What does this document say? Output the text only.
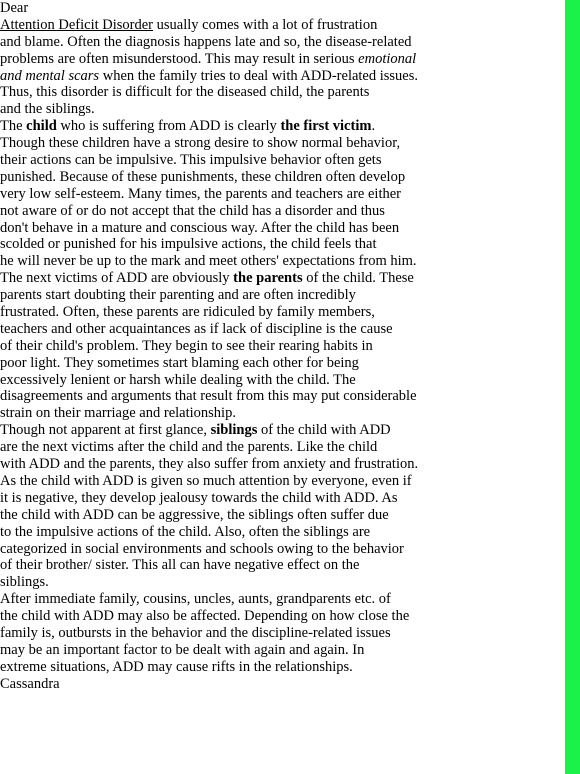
Dear
Attention Deficit Disorder usually comes with a lot of frustration
and blame. Often the diagnosis happens late and so, the disease-related
problems are often misunderstood. This may result in serious emotional
and mental scars when the family tries to deal with ADD-related issues.
Thus, this disorder is difficult for the diseased child, the parents
and the siblings.
The child who is suffering from ADD is clearly the first victim.
Though these children have a strong desire to show normal behavior,
their actions can be impulsive. This impulsive behavior often gets
punished. Because of these punishments, these children often develop
very low self-esteem. Many times, the parents and teachers are either
not aware of or do not accept that the child has a disorder and thus
don't behave in a mature and conscious way. After the child has been
scolded or punished for his impulsive actions, the child feels that
he will never be up to the mark and meet others' expectations from him.
The next victims of ADD are obviously the parents of the child. These
parents start doubting their parenting and are often incredibly
frustrated. Often, these parents are ridiculed by family members,
teachers and other acquaintances as if lack of discipline is the cause
of their child's problem. They begin to see their rearing habits in
poor light. They sometimes start blaming each other for being
excessively lenient or harsh while dealing with the child. The
disagreements and arguments that result from this may put considerable
strain on their marriage and relationship.
Though not apparent at first glance, siblings of the child with ADD
are the next victims after the child and the parents. Like the child
with ADD and the parents, they also suffer from anxiety and frustration.
As the child with ADD is given so much attention by everyone, even if
it is negative, they develop jealousy towards the child with ADD. As
the child with ADD can be aggressive, the siblings often suffer due
to the impulsive actions of the child. Also, often the siblings are
categorized in social environments and schools owing to the behavior
of their brother/ sister. This all can have negative effect on the
siblings.
After immediate family, cousins, uncles, aunts, grandparents etc. of
the child with ADD may also be affected. Depending on how close the
family is, outbursts in the behavior and the discipline-related issues
may be an important factor to be dealt with again and again. In
extreme situations, ADD may cause rifts in the relationships.
Cassandra
